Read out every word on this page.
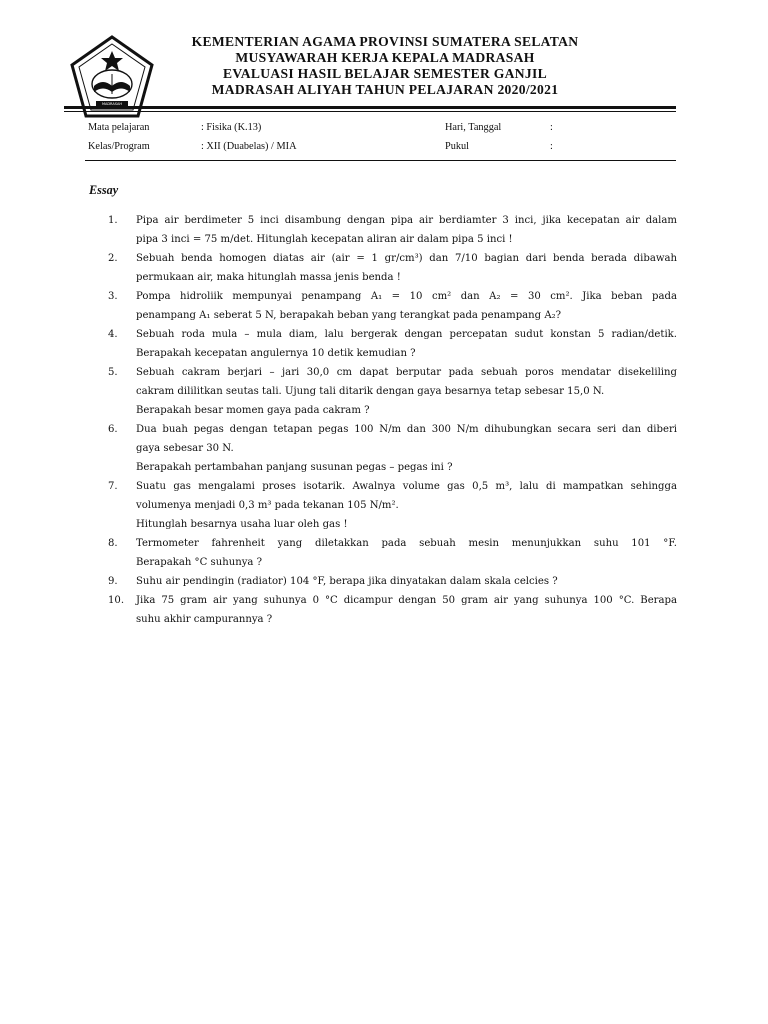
MADRASAH
KEMENTERIAN AGAMA PROVINSI SUMATERA SELATAN
MUSYAWARAH KERJA KEPALA MADRASAH
EVALUASI HASIL BELAJAR SEMESTER GANJIL
MADRASAH ALIYAH TAHUN PELAJARAN 2020/2021
Mata pelajaran	: Fisika (K.13)	Hari, Tanggal	:
Kelas/Program	: XII (Duabelas) / MIA	Pukul	:
Essay
1. Pipa air berdimeter 5 inci disambung dengan pipa air berdiamter 3 inci, jika kecepatan air dalam

pipa 3 inci = 75 m/det. Hitunglah kecepatan aliran air dalam pipa 5 inci !

2. Sebuah benda homogen diatas air (air = 1 gr/cm³) dan 7/10 bagian dari benda berada dibawah

permukaan air, maka hitunglah massa jenis benda !

3. Pompa hidroliik mempunyai penampang A₁ = 10 cm² dan A₂ = 30 cm². Jika beban pada

penampang A₁ seberat 5 N, berapakah beban yang terangkat pada penampang A₂?

4. Sebuah roda mula – mula diam, lalu bergerak dengan percepatan sudut konstan 5 radian/detik.

Berapakah kecepatan angulernya 10 detik kemudian ?

5. Sebuah cakram berjari – jari 30,0 cm dapat berputar pada sebuah poros mendatar disekeliling

cakram dililitkan seutas tali. Ujung tali ditarik dengan gaya besarnya tetap sebesar 15,0 N.

Berapakah besar momen gaya pada cakram ?

6. Dua buah pegas dengan tetapan pegas 100 N/m dan 300 N/m dihubungkan secara seri dan diberi

gaya sebesar 30 N.

Berapakah pertambahan panjang susunan pegas – pegas ini ?

7. Suatu gas mengalami proses isotarik. Awalnya volume gas 0,5 m³, lalu di mampatkan sehingga

volumenya menjadi 0,3 m³ pada tekanan 105 N/m².

Hitunglah besarnya usaha luar oleh gas !

8. Termometer fahrenheit yang diletakkan pada sebuah mesin menunjukkan suhu 101 °F.

Berapakah °C suhunya ?

9. Suhu air pendingin (radiator) 104 °F, berapa jika dinyatakan dalam skala celcies ?

10. Jika 75 gram air yang suhunya 0 °C dicampur dengan 50 gram air yang suhunya 100 °C. Berapa

suhu akhir campurannya ?
